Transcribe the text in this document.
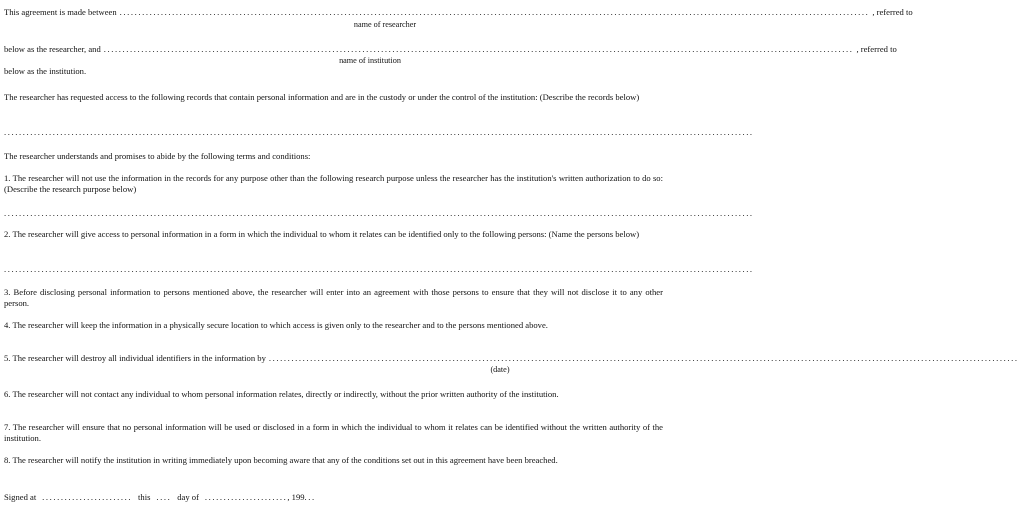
This agreement is made between ........................................................................................................................................................................................................ , referred to
name of researcher
below as the researcher, and ........................................................................................................................................................................................................ , referred to
name of institution
below as the institution.
The researcher has requested access to the following records that contain personal information and are in the custody or under the control of the institution: (Describe the records below)
........................................................................................................................................................................................................
The researcher understands and promises to abide by the following terms and conditions:
1. The researcher will not use the information in the records for any purpose other than the following research purpose unless the researcher has the institution's written authorization to do so: (Describe the research purpose below)
........................................................................................................................................................................................................
2. The researcher will give access to personal information in a form in which the individual to whom it relates can be identified only to the following persons: (Name the persons below)
........................................................................................................................................................................................................
3. Before disclosing personal information to persons mentioned above, the researcher will enter into an agreement with those persons to ensure that they will not disclose it to any other person.
4. The researcher will keep the information in a physically secure location to which access is given only to the researcher and to the persons mentioned above.
5. The researcher will destroy all individual identifiers in the information by ........................................................................................................................................................................................................
(date)
6. The researcher will not contact any individual to whom personal information relates, directly or indirectly, without the prior written authority of the institution.
7. The researcher will ensure that no personal information will be used or disclosed in a form in which the individual to whom it relates can be identified without the written authority of the institution.
8. The researcher will notify the institution in writing immediately upon becoming aware that any of the conditions set out in this agreement have been breached.
Signed at  ........................  this  ....  day of  ......................, 199...
